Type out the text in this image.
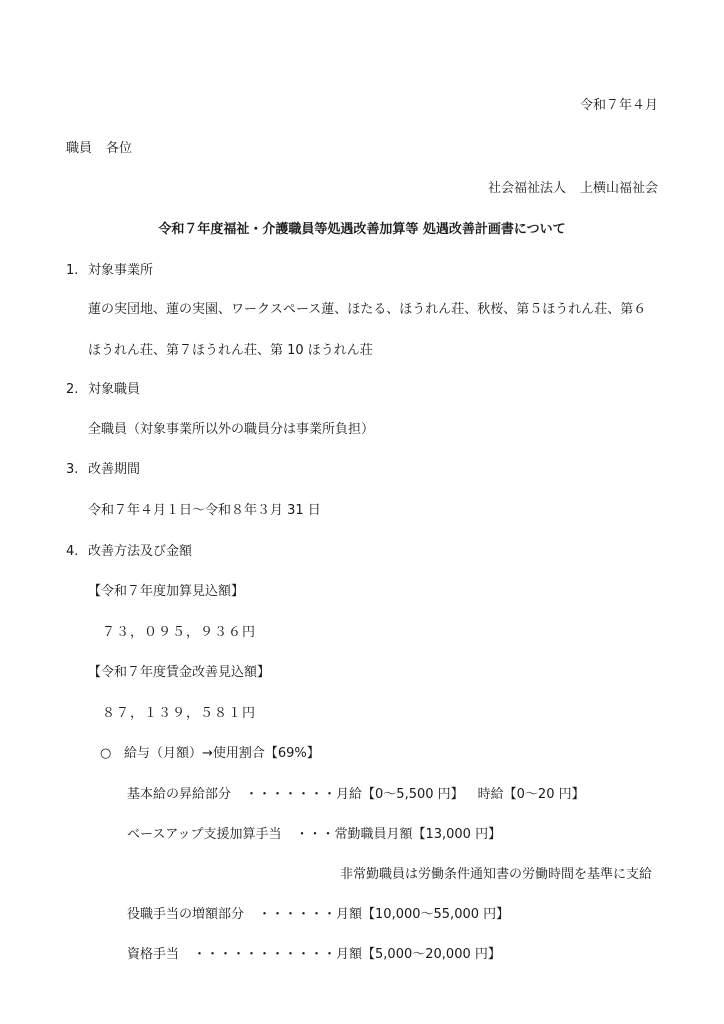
令和７年４月
職員 各位
社会福祉法人 上横山福祉会
令和７年度福祉・介護職員等処遇改善加算等 処遇改善計画書について
1. 対象事業所
蓮の実団地、蓮の実園、ワークスペース蓮、ほたる、ほうれん荘、秋桜、第５ほうれん荘、第６
ほうれん荘、第７ほうれん荘、第 10 ほうれん荘
2. 対象職員
全職員（対象事業所以外の職員分は事業所負担）
3. 改善期間
令和７年４月１日～令和８年３月 31 日
4. 改善方法及び金額
【令和７年度加算見込額】
７３，０９５，９３６円
【令和７年度賃金改善見込額】
８７，１３９，５８１円
○ 給与（月額）→使用割合【69%】
基本給の昇給部分 ・・・・・・・月給【0～5,500 円】 時給【0～20 円】
ベースアップ支援加算手当 ・・・常勤職員月額【13,000 円】
非常勤職員は労働条件通知書の労働時間を基準に支給
役職手当の増額部分 ・・・・・・月額【10,000～55,000 円】
資格手当 ・・・・・・・・・・・月額【5,000～20,000 円】
